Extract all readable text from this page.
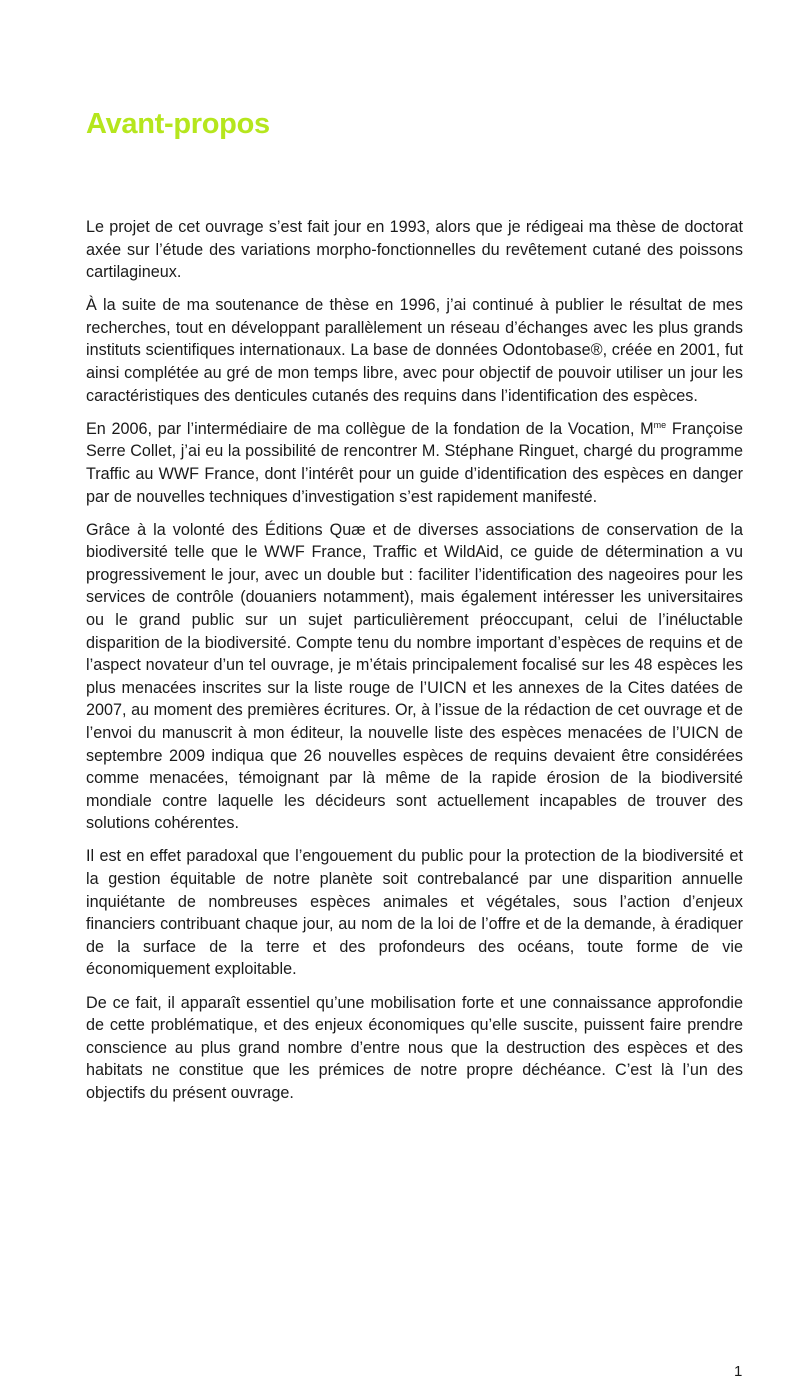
Avant-propos

Le projet de cet ouvrage s’est fait jour en 1993, alors que je rédigeai ma thèse de doctorat axée sur l’étude des variations morpho-fonctionnelles du revêtement cutané des poissons cartilagineux.

À la suite de ma soutenance de thèse en 1996, j’ai continué à publier le résultat de mes recherches, tout en développant parallèlement un réseau d’échanges avec les plus grands instituts scientifiques internationaux. La base de données Odontobase®, créée en 2001, fut ainsi complétée au gré de mon temps libre, avec pour objectif de pouvoir utiliser un jour les caractéristiques des denticules cutanés des requins dans l’identification des espèces.

En 2006, par l’intermédiaire de ma collègue de la fondation de la Vocation, $M^{me}$ Françoise Serre Collet, j’ai eu la possibilité de rencontrer M. Stéphane Ringuet, chargé du programme Traffic au WWF France, dont l’intérêt pour un guide d’identification des espèces en danger par de nouvelles techniques d’investigation s’est rapidement manifesté.

Grâce à la volonté des Éditions Quæ et de diverses associations de conservation de la biodiversité telle que le WWF France, Traffic et WildAid, ce guide de détermination a vu progressivement le jour, avec un double but : faciliter l’identification des nageoires pour les services de contrôle (douaniers notamment), mais également intéresser les universitaires ou le grand public sur un sujet particulièrement préoccupant, celui de l’inéluctable disparition de la biodiversité. Compte tenu du nombre important d’espèces de requins et de l’aspect novateur d’un tel ouvrage, je m’étais principalement focalisé sur les 48 espèces les plus menacées inscrites sur la liste rouge de l’UICN et les annexes de la Cites datées de 2007, au moment des premières écritures. Or, à l’issue de la rédaction de cet ouvrage et de l’envoi du manuscrit à mon éditeur, la nouvelle liste des espèces menacées de l’UICN de septembre 2009 indiqua que 26 nouvelles espèces de requins devaient être considérées comme menacées, témoignant par là même de la rapide érosion de la biodiversité mondiale contre laquelle les décideurs sont actuellement incapables de trouver des solutions cohérentes.

Il est en effet paradoxal que l’engouement du public pour la protection de la biodiversité et la gestion équitable de notre planète soit contrebalancé par une disparition annuelle inquiétante de nombreuses espèces animales et végétales, sous l’action d’enjeux financiers contribuant chaque jour, au nom de la loi de l’offre et de la demande, à éradiquer de la surface de la terre et des profondeurs des océans, toute forme de vie économiquement exploitable.

De ce fait, il apparaît essentiel qu’une mobilisation forte et une connaissance approfondie de cette problématique, et des enjeux économiques qu’elle suscite, puissent faire prendre conscience au plus grand nombre d’entre nous que la destruction des espèces et des habitats ne constitue que les prémices de notre propre déchéance. C’est là l’un des objectifs du présent ouvrage.

1
